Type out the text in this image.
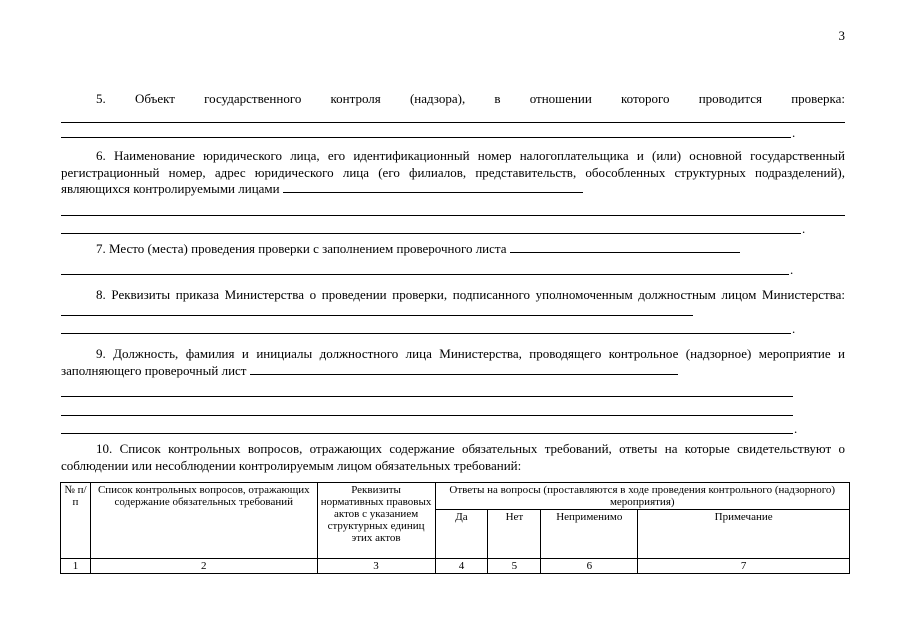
3
5. Объект государственного контроля (надзора), в отношении которого проводится проверка:
.
6. Наименование юридического лица, его идентификационный номер налогоплательщика и (или) основной государственный регистрационный номер, адрес юридического лица (его филиалов, представительств, обособленных структурных подразделений), являющихся контролируемыми лицами
.
7. Место (места) проведения проверки с заполнением проверочного листа
.
8. Реквизиты приказа Министерства о проведении проверки, подписанного уполномоченным должностным лицом Министерства:
.
9. Должность, фамилия и инициалы должностного лица Министерства, проводящего контрольное (надзорное) мероприятие и заполняющего проверочный лист
.
10. Список контрольных вопросов, отражающих содержание обязательных требований, ответы на которые свидетельствуют о соблюдении или несоблюдении контролируемым лицом обязательных требований:
№ п/п	Список контрольных вопросов, отражающих содержание обязательных требований	Реквизиты нормативных правовых актов с указанием структурных единиц этих актов	Ответы на вопросы (проставляются в ходе проведения контрольного (надзорного) мероприятия)			
			Да	Нет	Неприменимо	Примечание
1	2	3	4	5	6	7
